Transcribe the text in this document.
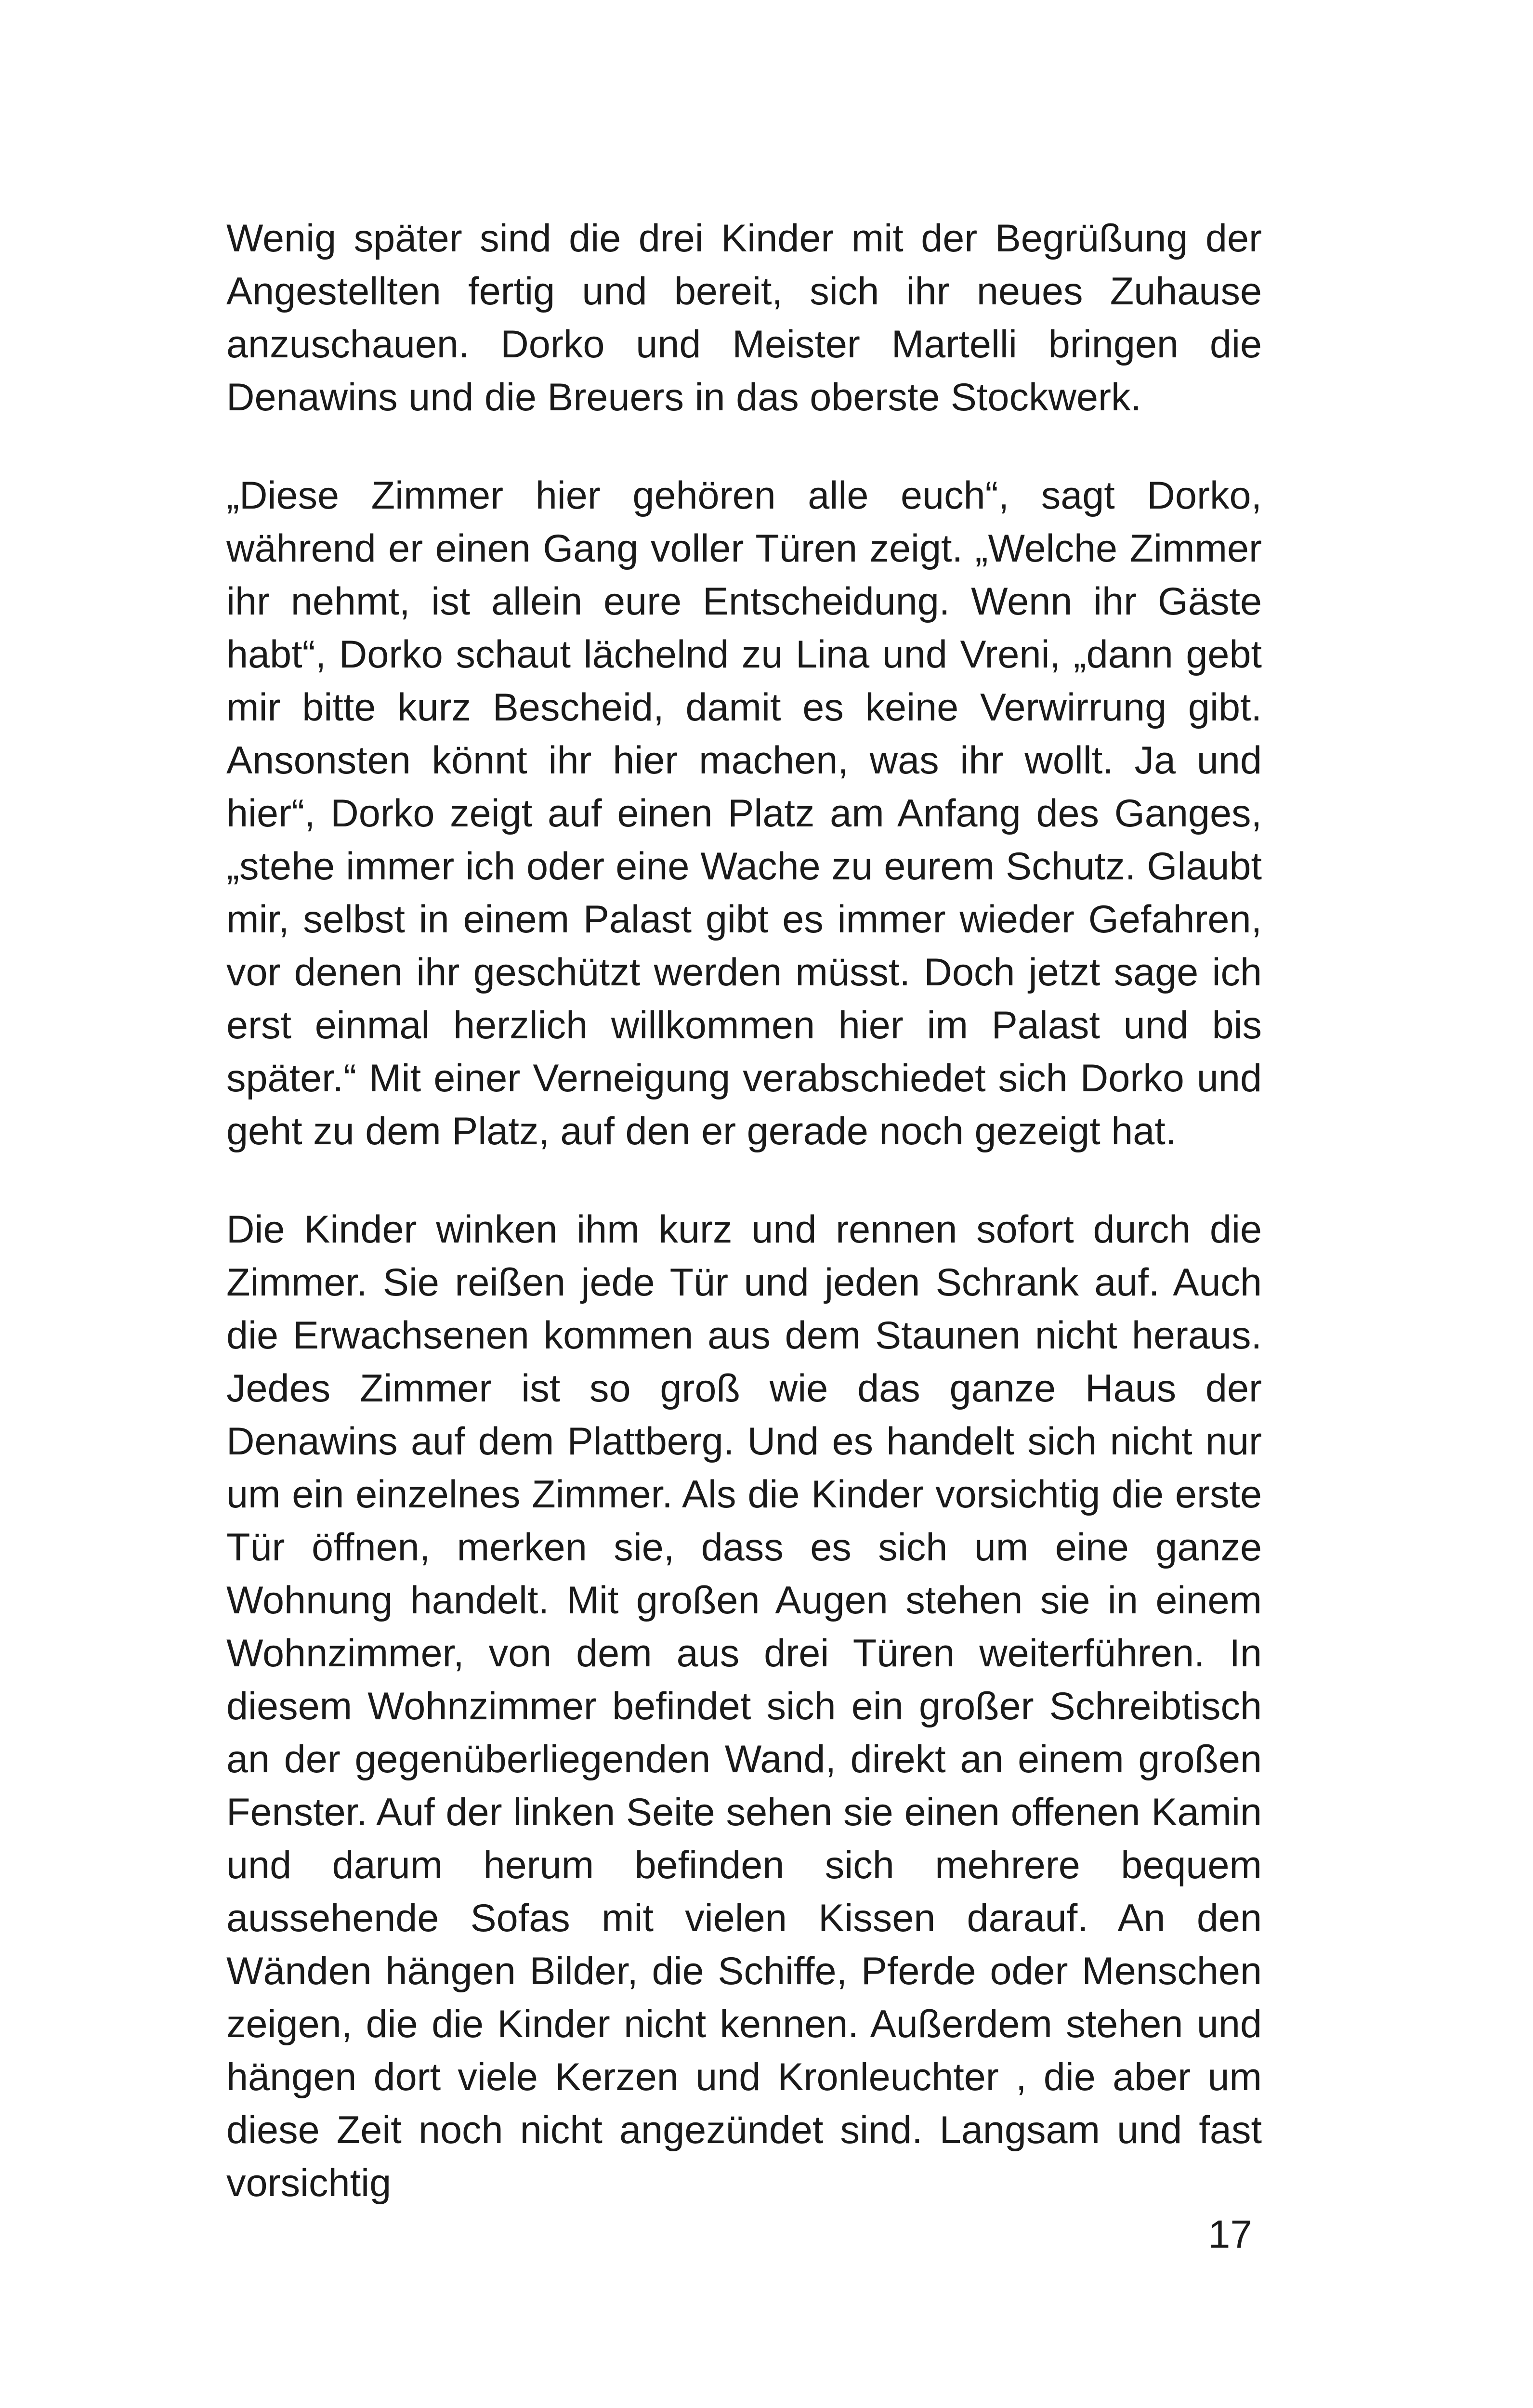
Wenig später sind die drei Kinder mit der Begrüßung der Angestellten fertig und bereit, sich ihr neues Zuhause anzuschauen. Dorko und Meister Martelli bringen die Denawins und die Breuers in das oberste Stockwerk.

„Diese Zimmer hier gehören alle euch“, sagt Dorko, während er einen Gang voller Türen zeigt. „Welche Zimmer ihr nehmt, ist allein eure Entscheidung. Wenn ihr Gäste habt“, Dorko schaut lächelnd zu Lina und Vreni, „dann gebt mir bitte kurz Bescheid, damit es keine Verwirrung gibt. Ansonsten könnt ihr hier machen, was ihr wollt. Ja und hier“, Dorko zeigt auf einen Platz am Anfang des Ganges, „stehe immer ich oder eine Wache zu eurem Schutz. Glaubt mir, selbst in einem Palast gibt es immer wieder Gefahren, vor denen ihr geschützt werden müsst. Doch jetzt sage ich erst einmal herzlich willkommen hier im Palast und bis später.“ Mit einer Verneigung verabschiedet sich Dorko und geht zu dem Platz, auf den er gerade noch gezeigt hat.

Die Kinder winken ihm kurz und rennen sofort durch die Zimmer. Sie reißen jede Tür und jeden Schrank auf. Auch die Erwachsenen kommen aus dem Staunen nicht heraus. Jedes Zimmer ist so groß wie das ganze Haus der Denawins auf dem Plattberg. Und es handelt sich nicht nur um ein einzelnes Zimmer. Als die Kinder vorsichtig die erste Tür öffnen, merken sie, dass es sich um eine ganze Wohnung handelt. Mit großen Augen stehen sie in einem Wohnzimmer, von dem aus drei Türen weiterführen. In diesem Wohnzimmer befindet sich ein großer Schreibtisch an der gegenüberliegenden Wand, direkt an einem großen Fenster. Auf der linken Seite sehen sie einen offenen Kamin und darum herum befinden sich mehrere bequem aussehende Sofas mit vielen Kissen darauf. An den Wänden hängen Bilder, die Schiffe, Pferde oder Menschen zeigen, die die Kinder nicht kennen. Außerdem stehen und hängen dort viele Kerzen und Kronleuchter , die aber um diese Zeit noch nicht angezündet sind. Langsam und fast vorsichtig

17
